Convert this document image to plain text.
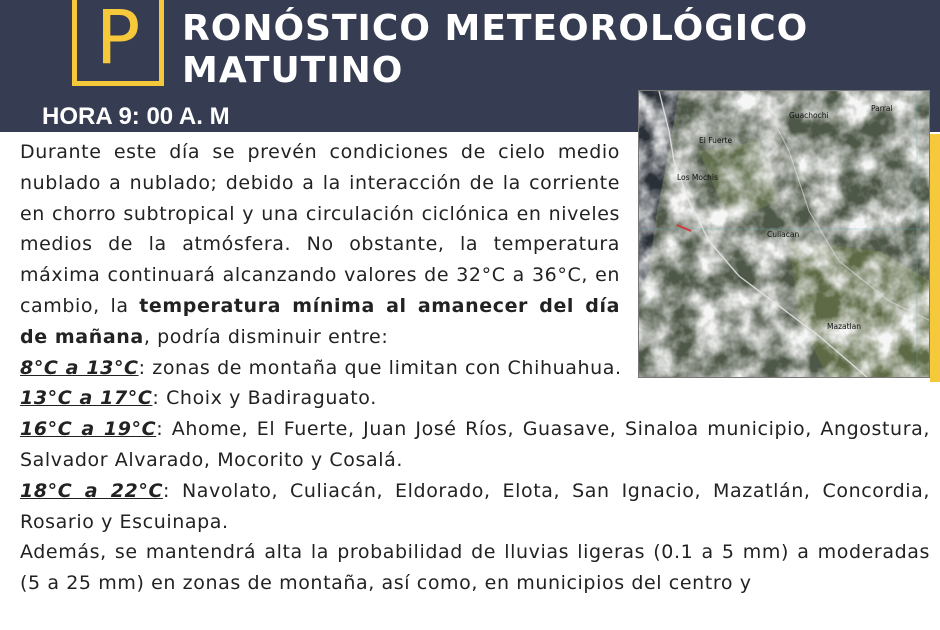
P	RONÓSTICO METEOROLÓGICO
MATUTINO
HORA 9: 00 A. M	Parral
Guachochi
El Fuerte
Los Mochis
Culiacan
Mazatlan

Durante este día se prevén condiciones de cielo medio nublado a nublado; debido a la interacción de la corriente en chorro subtropical y una circulación ciclónica en niveles medios de la atmósfera. No obstante, la temperatura máxima continuará alcanzando valores de 32°C a 36°C, en cambio, la temperatura mínima al amanecer del día de mañana, podría disminuir entre:

8°C a 13°C: zonas de montaña que limitan con Chihuahua.

13°C a 17°C: Choix y Badiraguato.

16°C a 19°C: Ahome, El Fuerte, Juan José Ríos, Guasave, Sinaloa municipio, Angostura, Salvador Alvarado, Mocorito y Cosalá.

18°C a 22°C: Navolato, Culiacán, Eldorado, Elota, San Ignacio, Mazatlán, Concordia, Rosario y Escuinapa.

Además, se mantendrá alta la probabilidad de lluvias ligeras (0.1 a 5 mm) a moderadas (5 a 25 mm) en zonas de montaña, así como, en municipios del centro y
